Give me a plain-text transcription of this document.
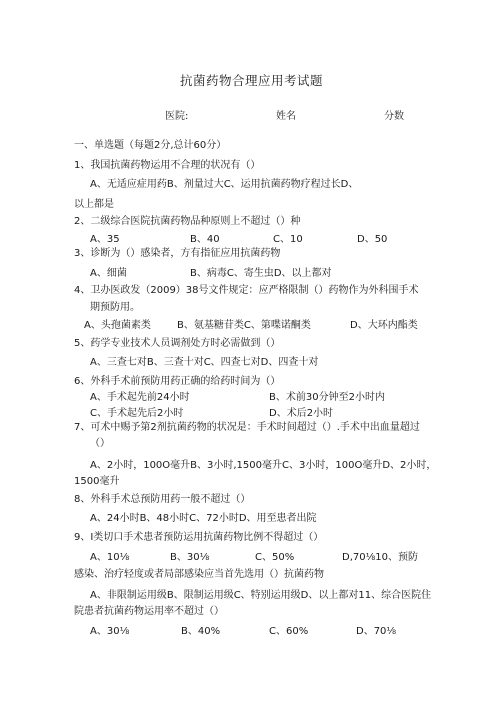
抗菌药物合理应用考试题
医院:	姓名	分数
一、单选题（每题2分,总计60分）
1、我国抗菌药物运用不合理的状况有（）
A、无适应症用药B、剂量过大C、运用抗菌药物疗程过长D、
以上都是
2、二级综合医院抗菌药物品种原则上不超过（）种
A、35	B、40	C、10	D、50
3、诊断为（）感染者，方有指征应用抗菌药物
A、细菌	B、病毒C、寄生虫D、以上都对
4、卫办医政发（2009）38号文件规定：应严格限制（）药物作为外科围手术
期预防用。
A、头孢菌素类	B、氨基糖苷类C、第喋诺酮类	D、大环内酯类
5、药学专业技术人员调剂处方时必需做到（）
A、三查七对B、三查十对C、四查七对D、四查十对
6、外科手术前预防用药正确的给药时间为（）
A、手术起先前24小时	B、术前30分钟至2小时内
C、手术起先后2小时	D、术后2小时
7、可术中赐予第2剂抗菌药物的状况是：手术时间超过（）.手术中出血量超过
（）
A、2小时，100O毫升B、3小时,1500毫升C、3小时，100O毫升D、2小时，
1500毫升
8、外科手术总预防用药一般不超过（）
A、24小时B、48小时C、72小时D、用至患者出院
9、I类切口手术患者预防运用抗菌药物比例不得超过（）
A、10⅛	B、30⅛	C、50%	D,70⅛10、预防
感染、治疗轻度或者局部感染应当首先选用（）抗菌药物
A、非限制运用级B、限制运用级C、特别运用级D、以上都对11、综合医院住
院患者抗菌药物运用率不超过（）
A、30⅛	B、40%	C、60%	D、70⅛
